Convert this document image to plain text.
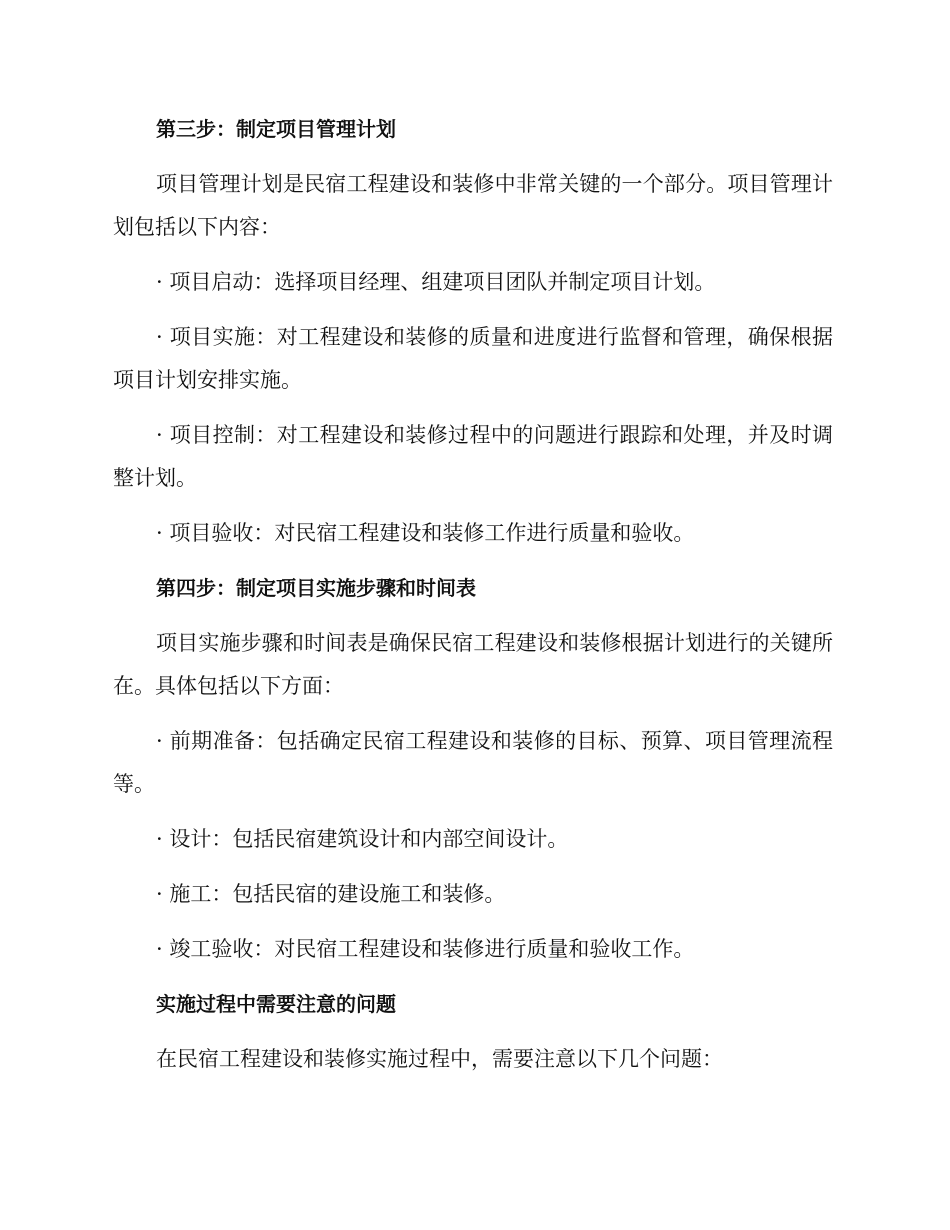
第三步：制定项目管理计划

项目管理计划是民宿工程建设和装修中非常关键的一个部分。项目管理计划包括以下内容：

· 项目启动：选择项目经理、组建项目团队并制定项目计划。

· 项目实施：对工程建设和装修的质量和进度进行监督和管理，确保根据项目计划安排实施。

· 项目控制：对工程建设和装修过程中的问题进行跟踪和处理，并及时调整计划。

· 项目验收：对民宿工程建设和装修工作进行质量和验收。

第四步：制定项目实施步骤和时间表

项目实施步骤和时间表是确保民宿工程建设和装修根据计划进行的关键所在。具体包括以下方面：

· 前期准备：包括确定民宿工程建设和装修的目标、预算、项目管理流程等。

· 设计：包括民宿建筑设计和内部空间设计。

· 施工：包括民宿的建设施工和装修。

· 竣工验收：对民宿工程建设和装修进行质量和验收工作。

实施过程中需要注意的问题

在民宿工程建设和装修实施过程中，需要注意以下几个问题：
